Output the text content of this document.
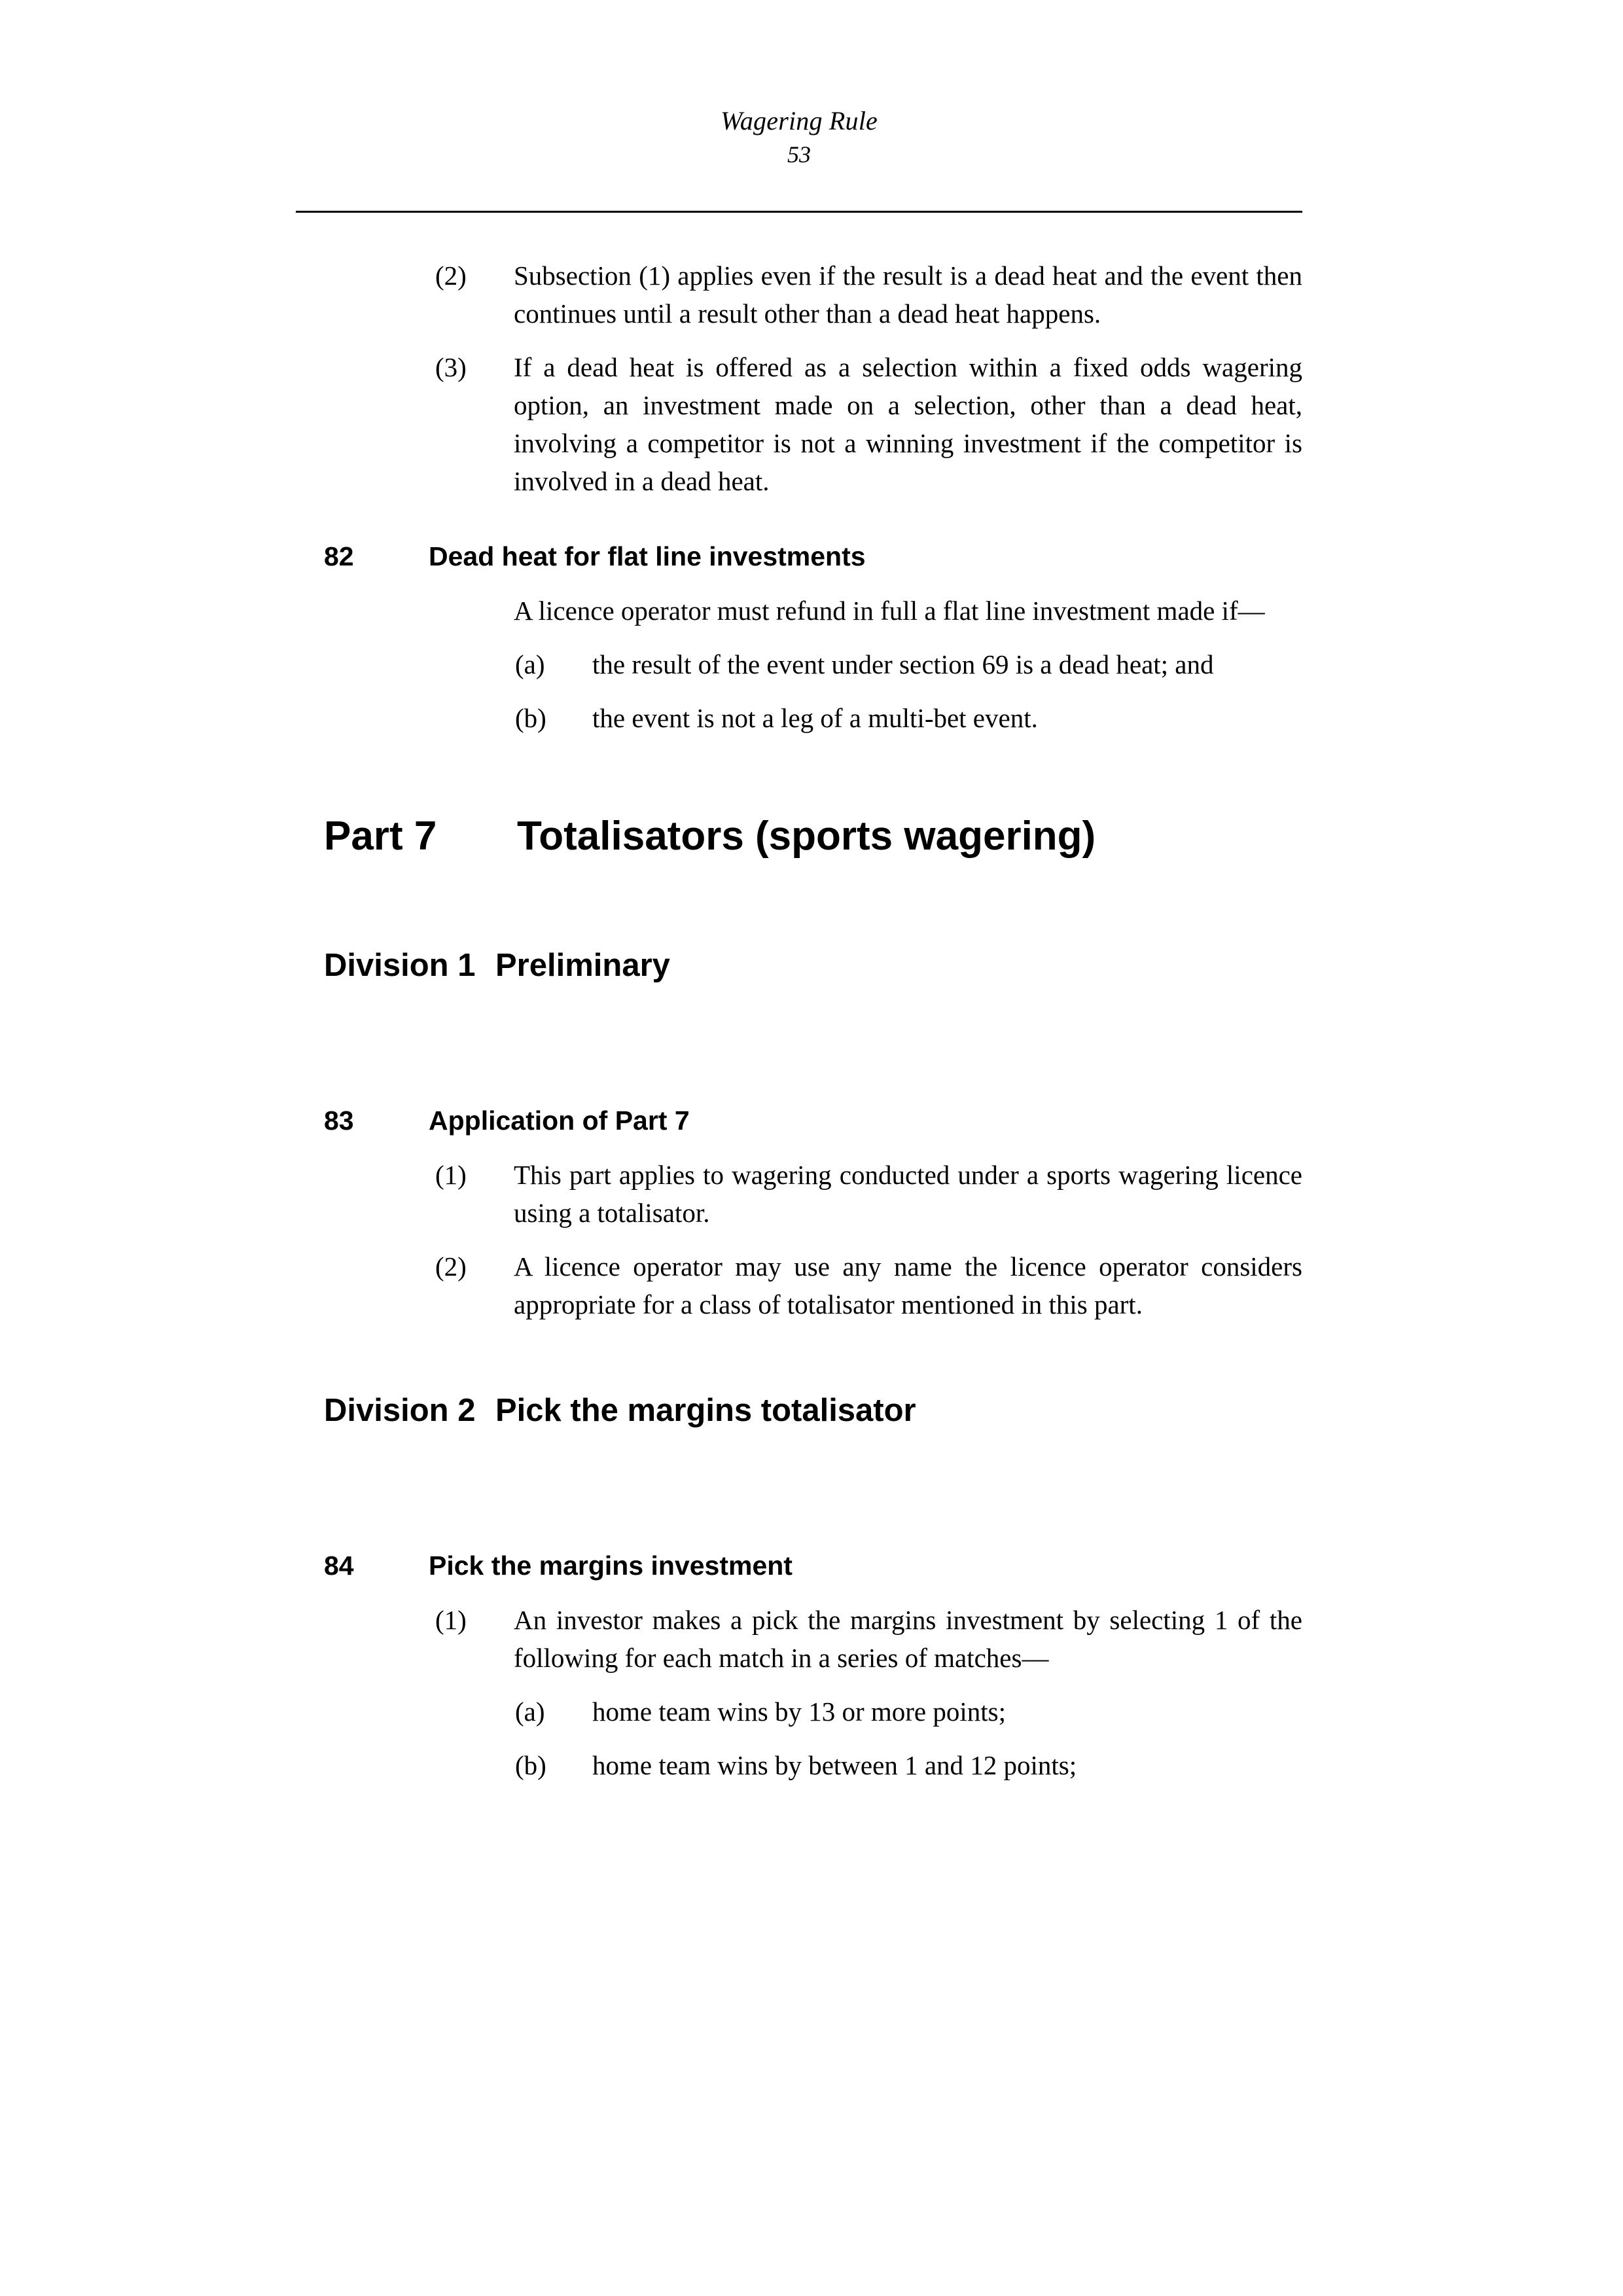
Wagering Rule
53
(2)	Subsection (1) applies even if the result is a dead heat and the event then continues until a result other than a dead heat happens.
(3)	If a dead heat is offered as a selection within a fixed odds wagering option, an investment made on a selection, other than a dead heat, involving a competitor is not a winning investment if the competitor is involved in a dead heat.
82	Dead heat for flat line investments
A licence operator must refund in full a flat line investment made if—
(a)	the result of the event under section 69 is a dead heat; and
(b)	the event is not a leg of a multi-bet event.
Part 7	Totalisators (sports wagering)
Division 1 Preliminary
83	Application of Part 7
(1)	This part applies to wagering conducted under a sports wagering licence using a totalisator.
(2)	A licence operator may use any name the licence operator considers appropriate for a class of totalisator mentioned in this part.
Division 2 Pick the margins totalisator
84	Pick the margins investment
(1)	An investor makes a pick the margins investment by selecting 1 of the following for each match in a series of matches—
(a)	home team wins by 13 or more points;
(b)	home team wins by between 1 and 12 points;
